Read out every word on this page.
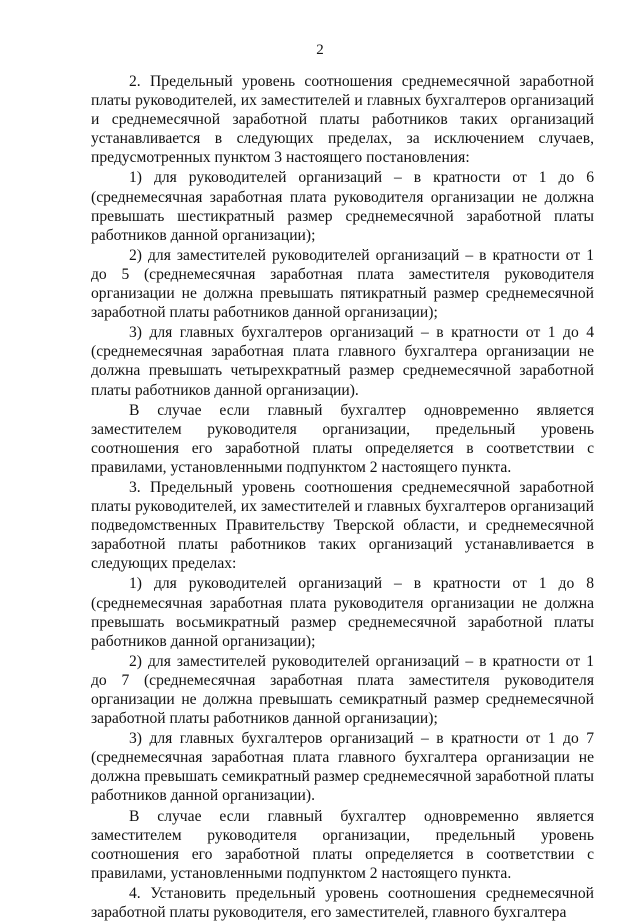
2

2. Предельный уровень соотношения среднемесячной заработной платы руководителей, их заместителей и главных бухгалтеров организаций и среднемесячной заработной платы работников таких организаций устанавливается в следующих пределах, за исключением случаев, предусмотренных пунктом 3 настоящего постановления:

1) для руководителей организаций – в кратности от 1 до 6 (среднемесячная заработная плата руководителя организации не должна превышать шестикратный размер среднемесячной заработной платы работников данной организации);

2) для заместителей руководителей организаций – в кратности от 1 до 5 (среднемесячная заработная плата заместителя руководителя организации не должна превышать пятикратный размер среднемесячной заработной платы работников данной организации);

3) для главных бухгалтеров организаций – в кратности от 1 до 4 (среднемесячная заработная плата главного бухгалтера организации не должна превышать четырехкратный размер среднемесячной заработной платы работников данной организации).

В случае если главный бухгалтер одновременно является заместителем руководителя организации, предельный уровень соотношения его заработной платы определяется в соответствии с правилами, установленными подпунктом 2 настоящего пункта.

3. Предельный уровень соотношения среднемесячной заработной платы руководителей, их заместителей и главных бухгалтеров организаций подведомственных Правительству Тверской области, и среднемесячной заработной платы работников таких организаций устанавливается в следующих пределах:

1) для руководителей организаций – в кратности от 1 до 8 (среднемесячная заработная плата руководителя организации не должна превышать восьмикратный размер среднемесячной заработной платы работников данной организации);

2) для заместителей руководителей организаций – в кратности от 1 до 7 (среднемесячная заработная плата заместителя руководителя организации не должна превышать семикратный размер среднемесячной заработной платы работников данной организации);

3) для главных бухгалтеров организаций – в кратности от 1 до 7 (среднемесячная заработная плата главного бухгалтера организации не должна превышать семикратный размер среднемесячной заработной платы работников данной организации).

В случае если главный бухгалтер одновременно является заместителем руководителя организации, предельный уровень соотношения его заработной платы определяется в соответствии с правилами, установленными подпунктом 2 настоящего пункта.

4. Установить предельный уровень соотношения среднемесячной заработной платы руководителя, его заместителей, главного бухгалтера
